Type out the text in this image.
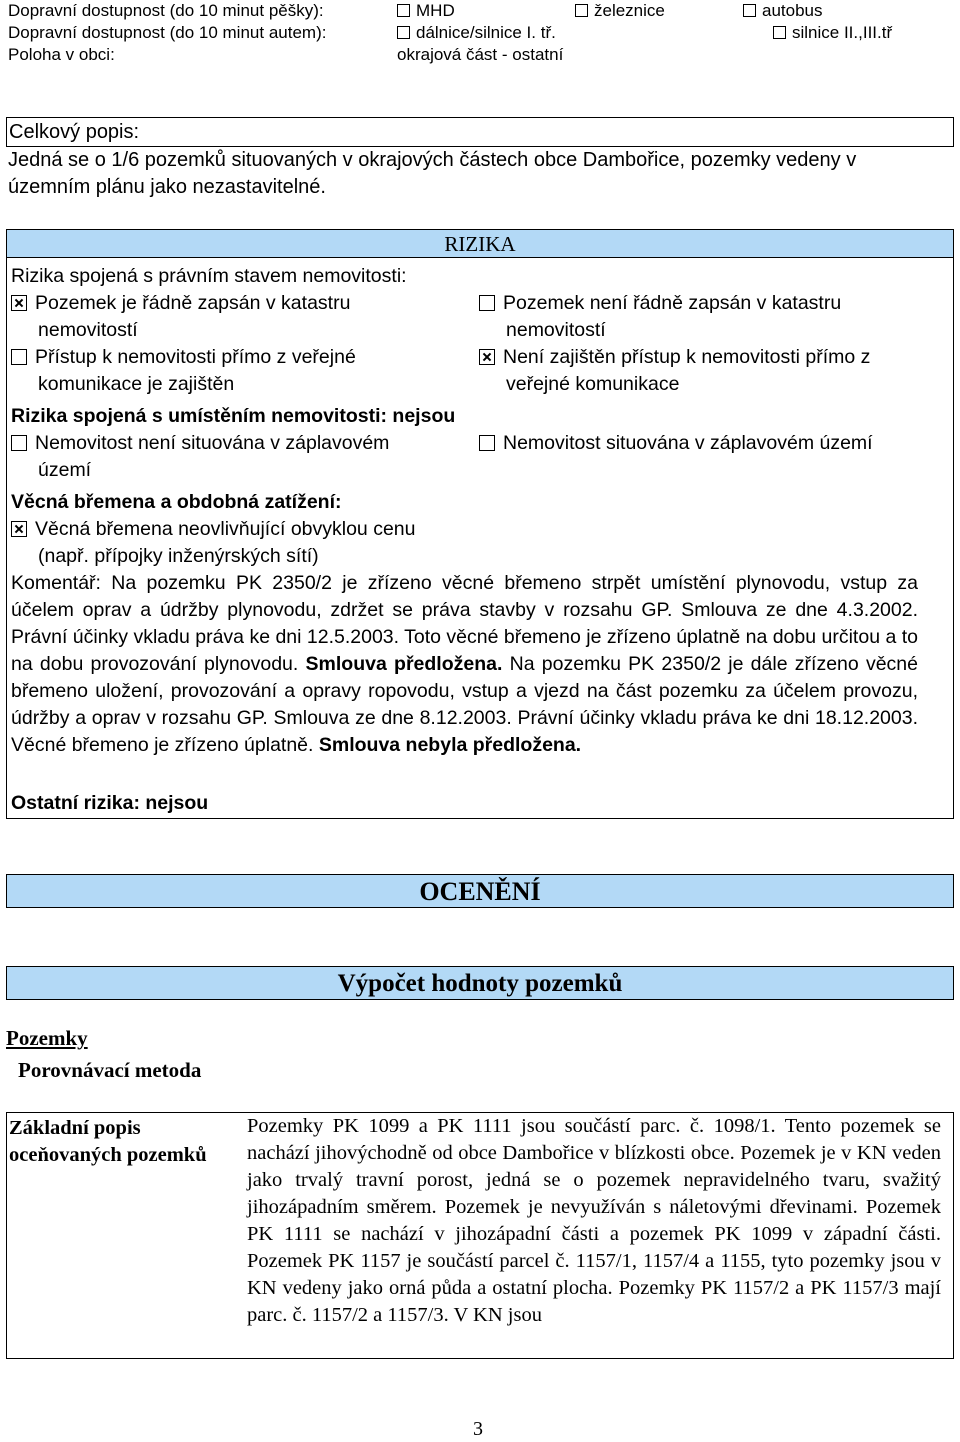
Dopravní dostupnost (do 10 minut pěšky):	MHD	železnice	autobus
Dopravní dostupnost (do 10 minut autem):	dálnice/silnice I. tř.	silnice II.,III.tř
Poloha v obci:	okrajová část - ostatní
Celkový popis:
Jedná se o 1/6 pozemků situovaných v okrajových částech obce Dambořice, pozemky vedeny v územním plánu jako nezastavitelné.
RIZIKA
Rizika spojená s právním stavem nemovitosti:
Pozemek je řádně zapsán v katastru
nemovitostí
Pozemek není řádně zapsán v katastru
nemovitostí
Přístup k nemovitosti přímo z veřejné
komunikace je zajištěn
Není zajištěn přístup k nemovitosti přímo z
veřejné komunikace
Rizika spojená s umístěním nemovitosti: nejsou
Nemovitost není situována v záplavovém
území
Nemovitost situována v záplavovém území
Věcná břemena a obdobná zatížení:
Věcná břemena neovlivňující obvyklou cenu
(např. přípojky inženýrských sítí)
Komentář: Na pozemku PK 2350/2 je zřízeno věcné břemeno strpět umístění plynovodu, vstup za účelem oprav a údržby plynovodu, zdržet se práva stavby v rozsahu GP. Smlouva ze dne 4.3.2002. Právní účinky vkladu práva ke dni 12.5.2003. Toto věcné břemeno je zřízeno úplatně na dobu určitou a to na dobu provozování plynovodu. Smlouva předložena. Na pozemku PK 2350/2 je dále zřízeno věcné břemeno uložení, provozování a opravy ropovodu, vstup a vjezd na část pozemku za účelem provozu, údržby a oprav v rozsahu GP. Smlouva ze dne 8.12.2003. Právní účinky vkladu práva ke dni 18.12.2003. Věcné břemeno je zřízeno úplatně. Smlouva nebyla předložena.
Ostatní rizika: nejsou
OCENĚNÍ
Výpočet hodnoty pozemků
Pozemky
Porovnávací metoda
Základní popis
oceňovaných pozemků
Pozemky PK 1099 a PK 1111 jsou součástí parc. č. 1098/1. Tento pozemek se nachází jihovýchodně od obce Dambořice v blízkosti obce. Pozemek je v KN veden jako trvalý travní porost, jedná se o pozemek nepravidelného tvaru, svažitý jihozápadním směrem. Pozemek je nevyužíván s náletovými dřevinami. Pozemek PK 1111 se nachází v jihozápadní části a pozemek PK 1099 v západní části. Pozemek PK 1157 je součástí parcel č. 1157/1, 1157/4 a 1155, tyto pozemky jsou v KN vedeny jako orná půda a ostatní plocha. Pozemky PK 1157/2 a PK 1157/3 mají parc. č. 1157/2 a 1157/3. V KN jsou
3
